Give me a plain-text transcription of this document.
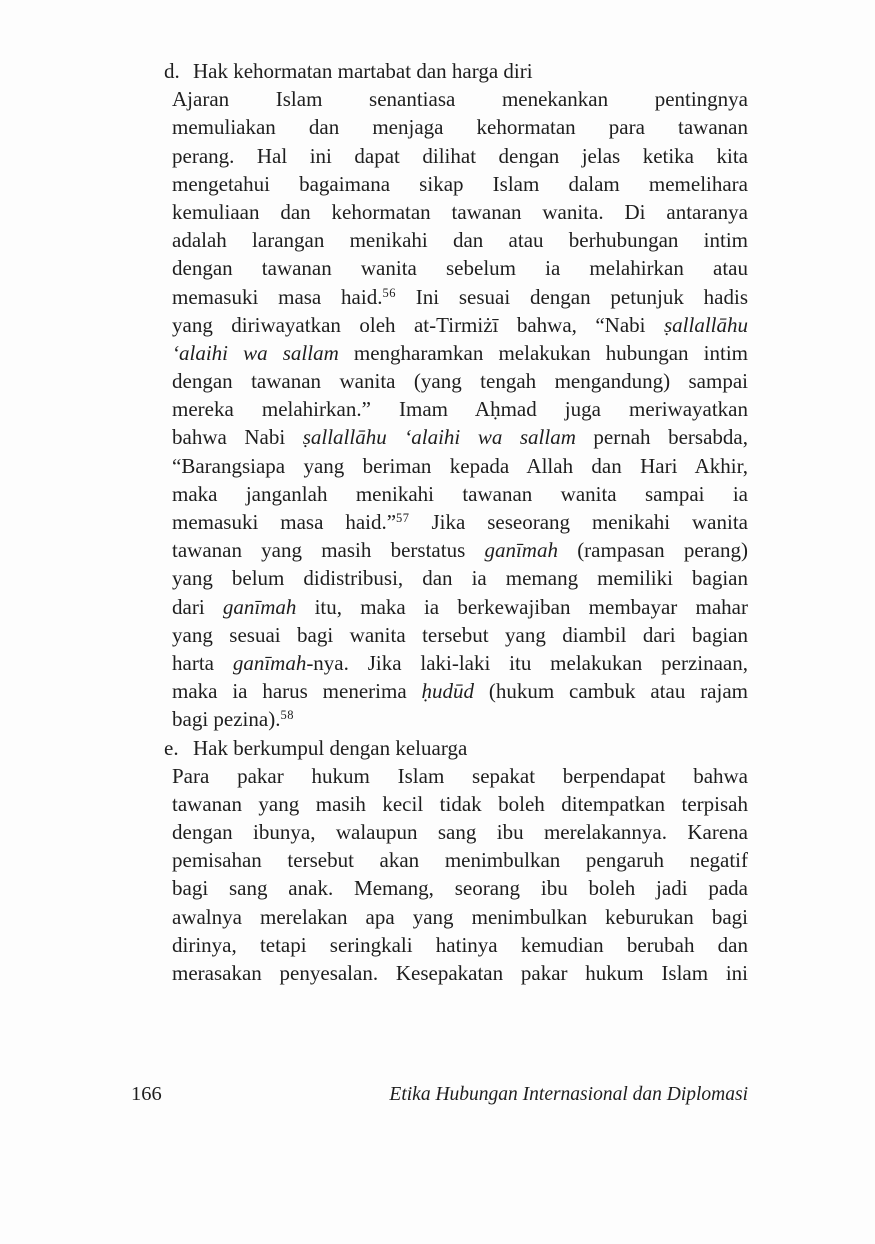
d. Hak kehormatan martabat dan harga diri
Ajaran Islam senantiasa menekankan pentingnya
memuliakan dan menjaga kehormatan para tawanan
perang. Hal ini dapat dilihat dengan jelas ketika kita
mengetahui bagaimana sikap Islam dalam memelihara
kemuliaan dan kehormatan tawanan wanita. Di antaranya
adalah larangan menikahi dan atau berhubungan intim
dengan tawanan wanita sebelum ia melahirkan atau
memasuki masa haid.$^{56}$ Ini sesuai dengan petunjuk hadis
yang diriwayatkan oleh at-Tirmiżī bahwa, “Nabi ṣallallāhu
‘alaihi wa sallam mengharamkan melakukan hubungan intim
dengan tawanan wanita (yang tengah mengandung) sampai
mereka melahirkan.” Imam Aḥmad juga meriwayatkan
bahwa Nabi ṣallallāhu ‘alaihi wa sallam pernah bersabda,
“Barangsiapa yang beriman kepada Allah dan Hari Akhir,
maka janganlah menikahi tawanan wanita sampai ia
memasuki masa haid.”$^{57}$ Jika seseorang menikahi wanita
tawanan yang masih berstatus ganīmah (rampasan perang)
yang belum didistribusi, dan ia memang memiliki bagian
dari ganīmah itu, maka ia berkewajiban membayar mahar
yang sesuai bagi wanita tersebut yang diambil dari bagian
harta ganīmah-nya. Jika laki-laki itu melakukan perzinaan,
maka ia harus menerima ḥudūd (hukum cambuk atau rajam
bagi pezina).$^{58}$
e. Hak berkumpul dengan keluarga
Para pakar hukum Islam sepakat berpendapat bahwa
tawanan yang masih kecil tidak boleh ditempatkan terpisah
dengan ibunya, walaupun sang ibu merelakannya. Karena
pemisahan tersebut akan menimbulkan pengaruh negatif
bagi sang anak. Memang, seorang ibu boleh jadi pada
awalnya merelakan apa yang menimbulkan keburukan bagi
dirinya, tetapi seringkali hatinya kemudian berubah dan
merasakan penyesalan. Kesepakatan pakar hukum Islam ini
166	Etika Hubungan Internasional dan Diplomasi
